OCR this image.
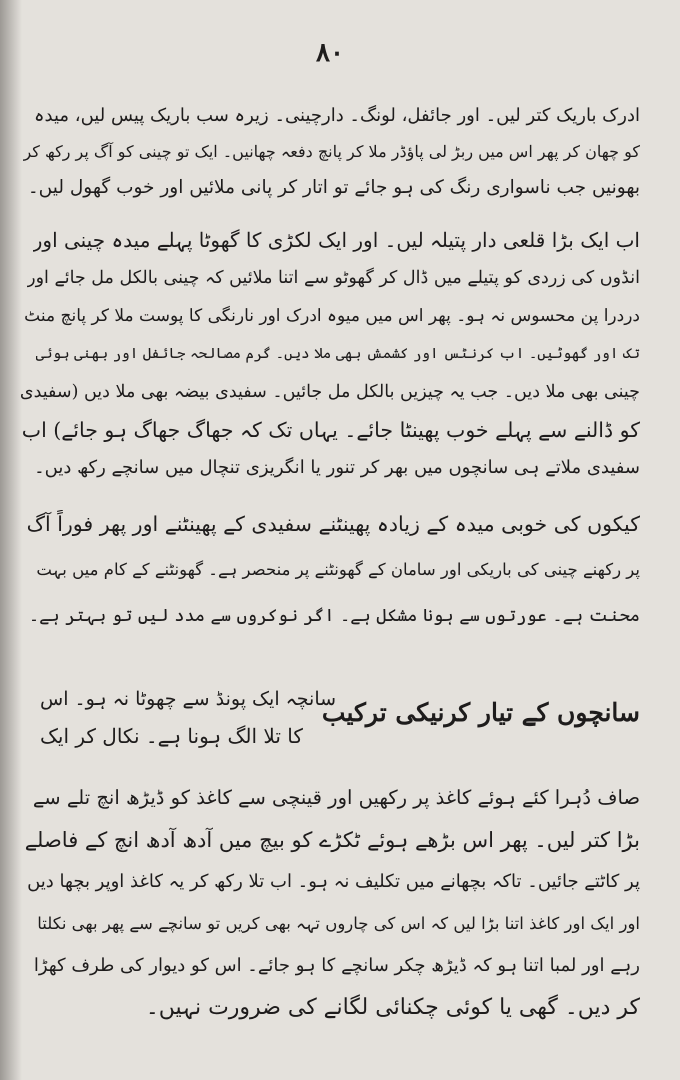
۸۰
ادرک باریک کتر لیں۔ اور جائفل، لونگ۔ دارچینی۔ زیرہ سب باریک پیس لیں، میدہ
کو چھان کر پھر اس میں ربڑ لی پاؤڈر ملا کر پانچ دفعہ چھانیں۔ ایک تو چینی کو آگ پر رکھ کر
بھونیں جب ناسواری رنگ کی ہو جائے تو اتار کر پانی ملائیں اور خوب گھول لیں۔
اب ایک بڑا قلعی دار پتیلہ لیں۔ اور ایک لکڑی کا گھوٹا پہلے میدہ چینی اور
انڈوں کی زردی کو پتیلے میں ڈال کر گھوٹو سے اتنا ملائیں کہ چینی بالکل مل جائے اور
دردرا پن محسوس نہ ہو۔ پھر اس میں میوہ ادرک اور نارنگی کا پوست ملا کر پانچ منٹ
تک اور گھوٹیں۔ اب کرنٹس اور کشمش بھی ملا دیں۔ گرم مصالحہ جائفل اور بھنی ہوئی
چینی بھی ملا دیں۔ جب یہ چیزیں بالکل مل جائیں۔ سفیدی بیضہ بھی ملا دیں (سفیدی
کو ڈالنے سے پہلے خوب پھینٹا جائے۔ یہاں تک کہ جھاگ جھاگ ہو جائے) اب
سفیدی ملاتے ہی سانچوں میں بھر کر تنور یا انگریزی تنچال میں سانچے رکھ دیں۔
کیکوں کی خوبی میدہ کے زیادہ پھینٹنے سفیدی کے پھینٹنے اور پھر فوراً آگ
پر رکھنے چینی کی باریکی اور سامان کے گھونٹنے پر منحصر ہے۔ گھونٹنے کے کام میں بہت
محنت ہے۔ عورتوں سے ہونا مشکل ہے۔ اگر نوکروں سے مدد لیں تو بہتر ہے۔
سانچوں کے تیار کرنیکی ترکیب
سانچہ ایک پونڈ سے چھوٹا نہ ہو۔ اس
کا تلا الگ ہونا ہے۔ نکال کر ایک
صاف دُہرا کئے ہوئے کاغذ پر رکھیں اور قینچی سے کاغذ کو ڈیڑھ انچ تلے سے
بڑا کتر لیں۔ پھر اس بڑھے ہوئے ٹکڑے کو بیچ میں آدھ آدھ انچ کے فاصلے
پر کاٹتے جائیں۔ تاکہ بچھانے میں تکلیف نہ ہو۔ اب تلا رکھ کر یہ کاغذ اوپر بچھا دیں
اور ایک اور کاغذ اتنا بڑا لیں کہ اس کی چاروں تہہ بھی کریں تو سانچے سے پھر بھی نکلتا
رہے اور لمبا اتنا ہو کہ ڈیڑھ چکر سانچے کا ہو جائے۔ اس کو دیوار کی طرف کھڑا
کر دیں۔ گھی یا کوئی چکنائی لگانے کی ضرورت نہیں۔
